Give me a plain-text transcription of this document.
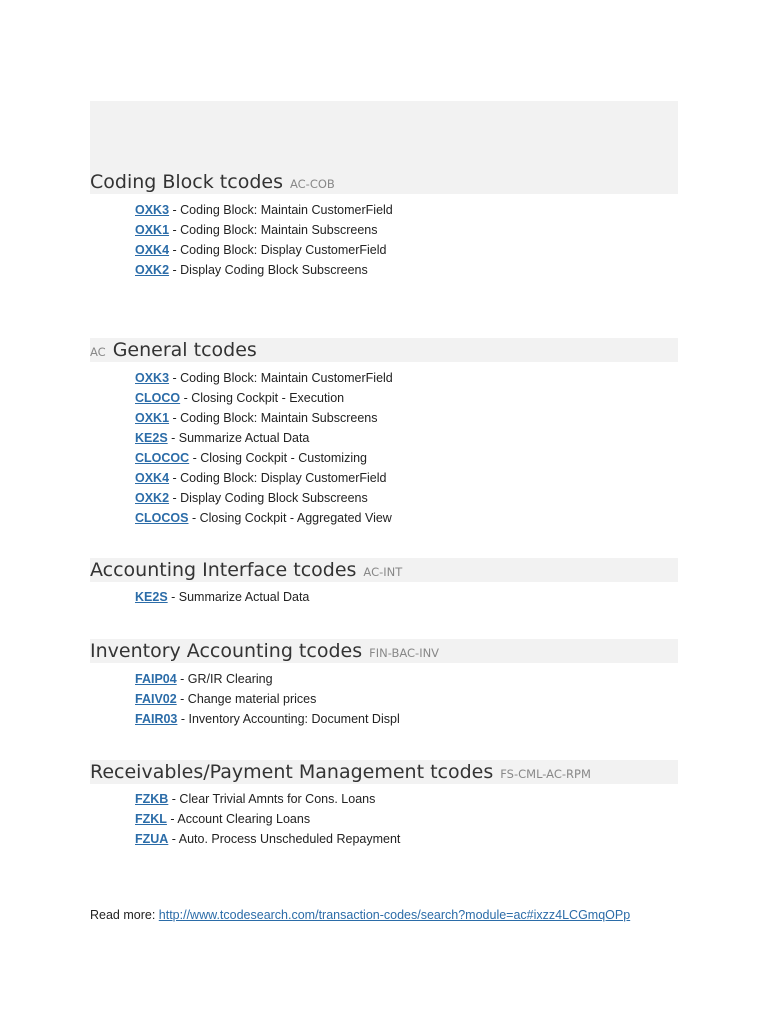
Coding Block tcodes AC-COB
OXK3 - Coding Block: Maintain CustomerField
OXK1 - Coding Block: Maintain Subscreens
OXK4 - Coding Block: Display CustomerField
OXK2 - Display Coding Block Subscreens
AC General tcodes
OXK3 - Coding Block: Maintain CustomerField
CLOCO - Closing Cockpit - Execution
OXK1 - Coding Block: Maintain Subscreens
KE2S - Summarize Actual Data
CLOCOC - Closing Cockpit - Customizing
OXK4 - Coding Block: Display CustomerField
OXK2 - Display Coding Block Subscreens
CLOCOS - Closing Cockpit - Aggregated View
Accounting Interface tcodes AC-INT
KE2S - Summarize Actual Data
Inventory Accounting tcodes FIN-BAC-INV
FAIP04 - GR/IR Clearing
FAIV02 - Change material prices
FAIR03 - Inventory Accounting: Document Displ
Receivables/Payment Management tcodes FS-CML-AC-RPM
FZKB - Clear Trivial Amnts for Cons. Loans
FZKL - Account Clearing Loans
FZUA - Auto. Process Unscheduled Repayment
Read more: http://www.tcodesearch.com/transaction-codes/search?module=ac#ixzz4LCGmqOPp
